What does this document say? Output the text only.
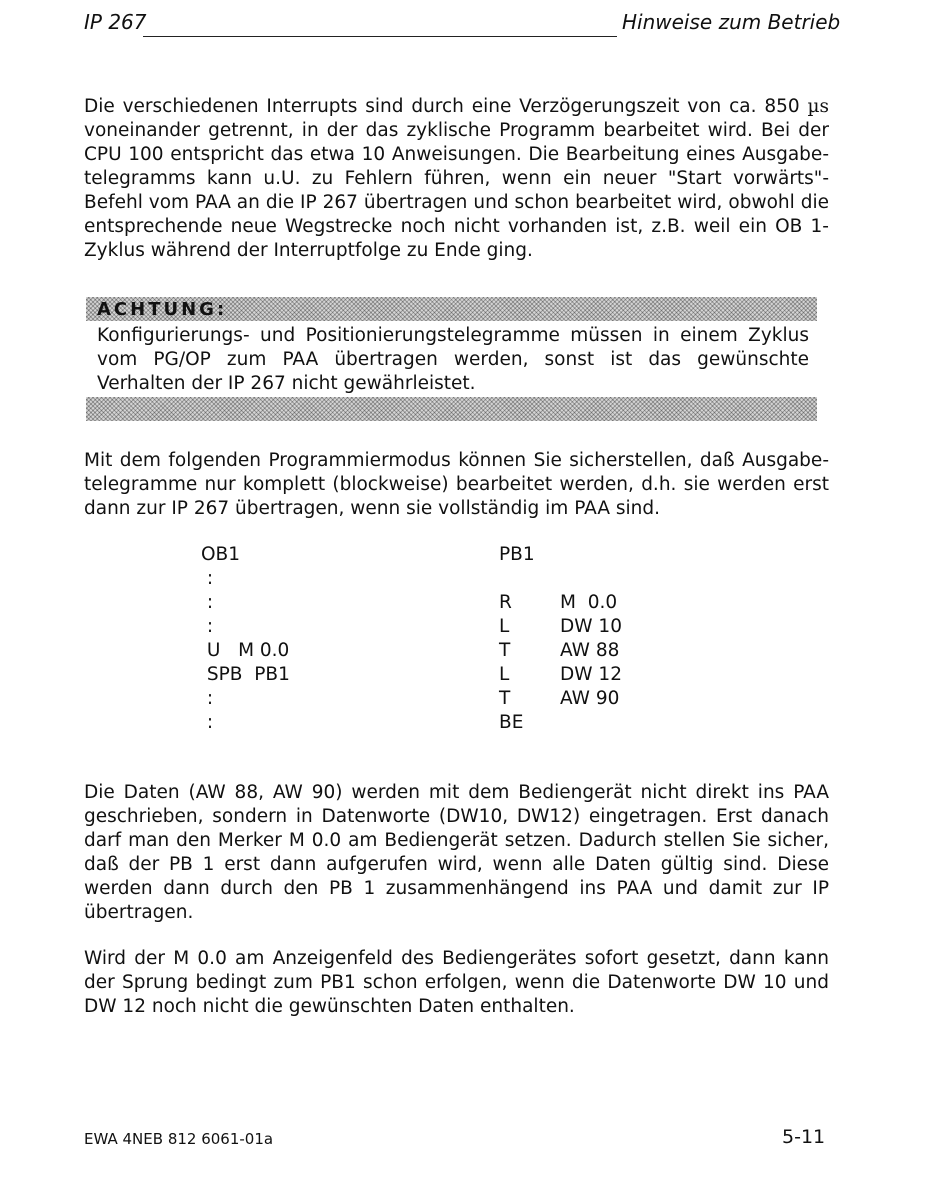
IP 267	Hinweise zum Betrieb

Die verschiedenen Interrupts sind durch eine Verzögerungszeit von ca. 850 µs voneinander getrennt, in der das zyklische Programm bearbeitet wird. Bei der CPU 100 entspricht das etwa 10 Anweisungen. Die Bearbeitung eines Ausgabetelegramms kann u.U. zu Fehlern führen, wenn ein neuer "Start vorwärts"-Befehl vom PAA an die IP 267 übertragen und schon bearbeitet wird, obwohl die entsprechende neue Wegstrecke noch nicht vorhanden ist, z.B. weil ein OB 1-Zyklus während der Interruptfolge zu Ende ging.

ACHTUNG:

Konfigurierungs- und Positionierungstelegramme müssen in einem Zyklus vom PG/OP zum PAA übertragen werden, sonst ist das gewünschte Verhalten der IP 267 nicht gewährleistet.

Mit dem folgenden Programmiermodus können Sie sicherstellen, daß Ausgabetelegramme nur komplett (blockweise) bearbeitet werden, d.h. sie werden erst dann zur IP 267 übertragen, wenn sie vollständig im PAA sind.

OB1
:
:
:
U   M 0.0
SPB  PB1
:
:
PB1
R
L
T
L
T
BE
M  0.0
DW 10
AW 88
DW 12
AW 90

Die Daten (AW 88, AW 90) werden mit dem Bediengerät nicht direkt ins PAA geschrieben, sondern in Datenworte (DW10, DW12) eingetragen. Erst danach darf man den Merker M 0.0 am Bediengerät setzen. Dadurch stellen Sie sicher, daß der PB 1 erst dann aufgerufen wird, wenn alle Daten gültig sind. Diese werden dann durch den PB 1 zusammenhängend ins PAA und damit zur IP übertragen.

Wird der M 0.0 am Anzeigenfeld des Bediengerätes sofort gesetzt, dann kann der Sprung bedingt zum PB1 schon erfolgen, wenn die Datenworte DW 10 und DW 12 noch nicht die gewünschten Daten enthalten.

EWA 4NEB 812 6061-01a	5-11
